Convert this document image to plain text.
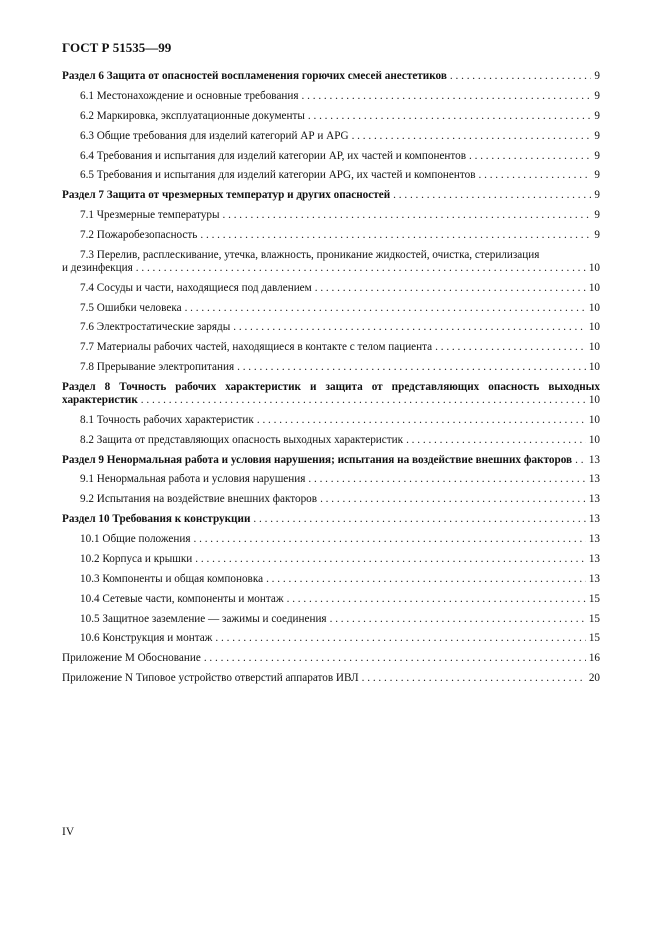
ГОСТ Р 51535—99
Раздел 6 Защита от опасностей воспламенения горючих смесей анестетиков . . .	9
6.1 Местонахождение и основные требования . . .	9
6.2 Маркировка, эксплуатационные документы . . .	9
6.3 Общие требования для изделий категорий АР и АPG . . .	9
6.4 Требования и испытания для изделий категории АР, их частей и компонентов . . .	9
6.5 Требования и испытания для изделий категории АPG, их частей и компонентов . . .	9
Раздел 7 Защита от чрезмерных температур и других опасностей . . .	9
7.1 Чрезмерные температуры . . .	9
7.2 Пожаробезопасность . . .	9
7.3 Перелив, расплескивание, утечка, влажность, проникание жидкостей, очистка, стерилизация
и дезинфекция . . .	10
7.4 Сосуды и части, находящиеся под давлением . . .	10
7.5 Ошибки человека . . .	10
7.6 Электростатические заряды . . .	10
7.7 Материалы рабочих частей, находящиеся в контакте с телом пациента . . .	10
7.8 Прерывание электропитания . . .	10
Раздел 8 Точность рабочих характеристик и защита от представляющих опасность выходных
характеристик . . .	10
8.1 Точность рабочих характеристик . . .	10
8.2 Защита от представляющих опасность выходных характеристик . . .	10
Раздел 9 Ненормальная работа и условия нарушения; испытания на воздействие внешних факторов . . . 13
9.1 Ненормальная работа и условия нарушения . . .	13
9.2 Испытания на воздействие внешних факторов . . .	13
Раздел 10 Требования к конструкции . . .	13
10.1 Общие положения . . .	13
10.2 Корпуса и крышки . . .	13
10.3 Компоненты и общая компоновка . . .	13
10.4 Сетевые части, компоненты и монтаж . . .	15
10.5 Защитное заземление — зажимы и соединения . . .	15
10.6 Конструкция и монтаж . . .	15
Приложение М Обоснование . . .	16
Приложение N Типовое устройство отверстий аппаратов ИВЛ . . .	20
IV
